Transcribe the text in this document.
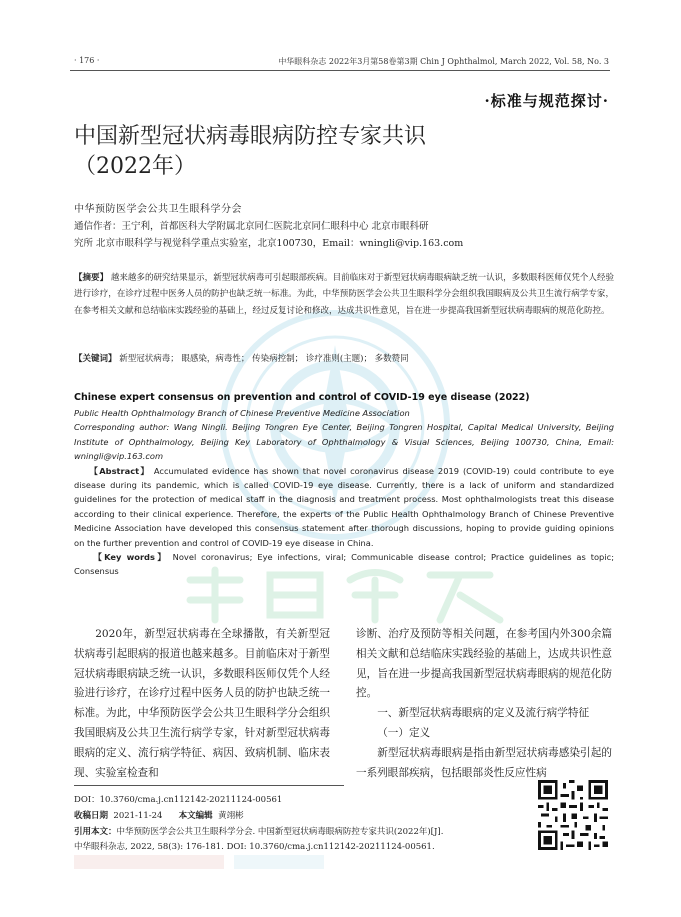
· 176 ·	中华眼科杂志 2022年3月第58卷第3期 Chin J Ophthalmol, March 2022, Vol. 58, No. 3
·标准与规范探讨·
中国新型冠状病毒眼病防控专家共识
（2022年）
中华预防医学会公共卫生眼科学分会
通信作者：王宁利，首都医科大学附属北京同仁医院北京同仁眼科中心 北京市眼科研
究所 北京市眼科学与视觉科学重点实验室，北京100730，Email：wningli@vip.163.com
【摘要】 越来越多的研究结果显示，新型冠状病毒可引起眼部疾病。目前临床对于新型冠状病毒眼病缺乏统一认识，多数眼科医师仅凭个人经验进行诊疗，在诊疗过程中医务人员的防护也缺乏统一标准。为此，中华预防医学会公共卫生眼科学分会组织我国眼病及公共卫生流行病学专家，在参考相关文献和总结临床实践经验的基础上，经过反复讨论和修改，达成共识性意见，旨在进一步提高我国新型冠状病毒眼病的规范化防控。
【关键词】 新型冠状病毒； 眼感染，病毒性； 传染病控制； 诊疗准则(主题)； 多数赞同
Chinese expert consensus on prevention and control of COVID-19 eye disease (2022)
Public Health Ophthalmology Branch of Chinese Preventive Medicine Association
Corresponding author: Wang Ningli. Beijing Tongren Eye Center, Beijing Tongren Hospital, Capital Medical University, Beijing Institute of Ophthalmology, Beijing Key Laboratory of Ophthalmology & Visual Sciences, Beijing 100730, China, Email: wningli@vip.163.com
【Abstract】 Accumulated evidence has shown that novel coronavirus disease 2019 (COVID-19) could contribute to eye disease during its pandemic, which is called COVID-19 eye disease. Currently, there is a lack of uniform and standardized guidelines for the protection of medical staff in the diagnosis and treatment process. Most ophthalmologists treat this disease according to their clinical experience. Therefore, the experts of the Public Health Ophthalmology Branch of Chinese Preventive Medicine Association have developed this consensus statement after thorough discussions, hoping to provide guiding opinions on the further prevention and control of COVID-19 eye disease in China.
【Key words】 Novel coronavirus; Eye infections, viral; Communicable disease control; Practice guidelines as topic; Consensus
2020年，新型冠状病毒在全球播散，有关新型冠状病毒引起眼病的报道也越来越多。目前临床对于新型冠状病毒眼病缺乏统一认识，多数眼科医师仅凭个人经验进行诊疗，在诊疗过程中医务人员的防护也缺乏统一标准。为此，中华预防医学会公共卫生眼科学分会组织我国眼病及公共卫生流行病学专家，针对新型冠状病毒眼病的定义、流行病学特征、病因、致病机制、临床表现、实验室检查和
诊断、治疗及预防等相关问题，在参考国内外300余篇相关文献和总结临床实践经验的基础上，达成共识性意见，旨在进一步提高我国新型冠状病毒眼病的规范化防控。
一、新型冠状病毒眼病的定义及流行病学特征
（一）定义
新型冠状病毒眼病是指由新型冠状病毒感染引起的一系列眼部疾病，包括眼部炎性反应性病
DOI：10.3760/cma.j.cn112142-20211124-00561
收稿日期 2021-11-24 本文编辑 黄翊彬
引用本文：中华预防医学会公共卫生眼科学分会. 中国新型冠状病毒眼病防控专家共识(2022年)[J].
中华眼科杂志, 2022, 58(3): 176-181. DOI: 10.3760/cma.j.cn112142-20211124-00561.
